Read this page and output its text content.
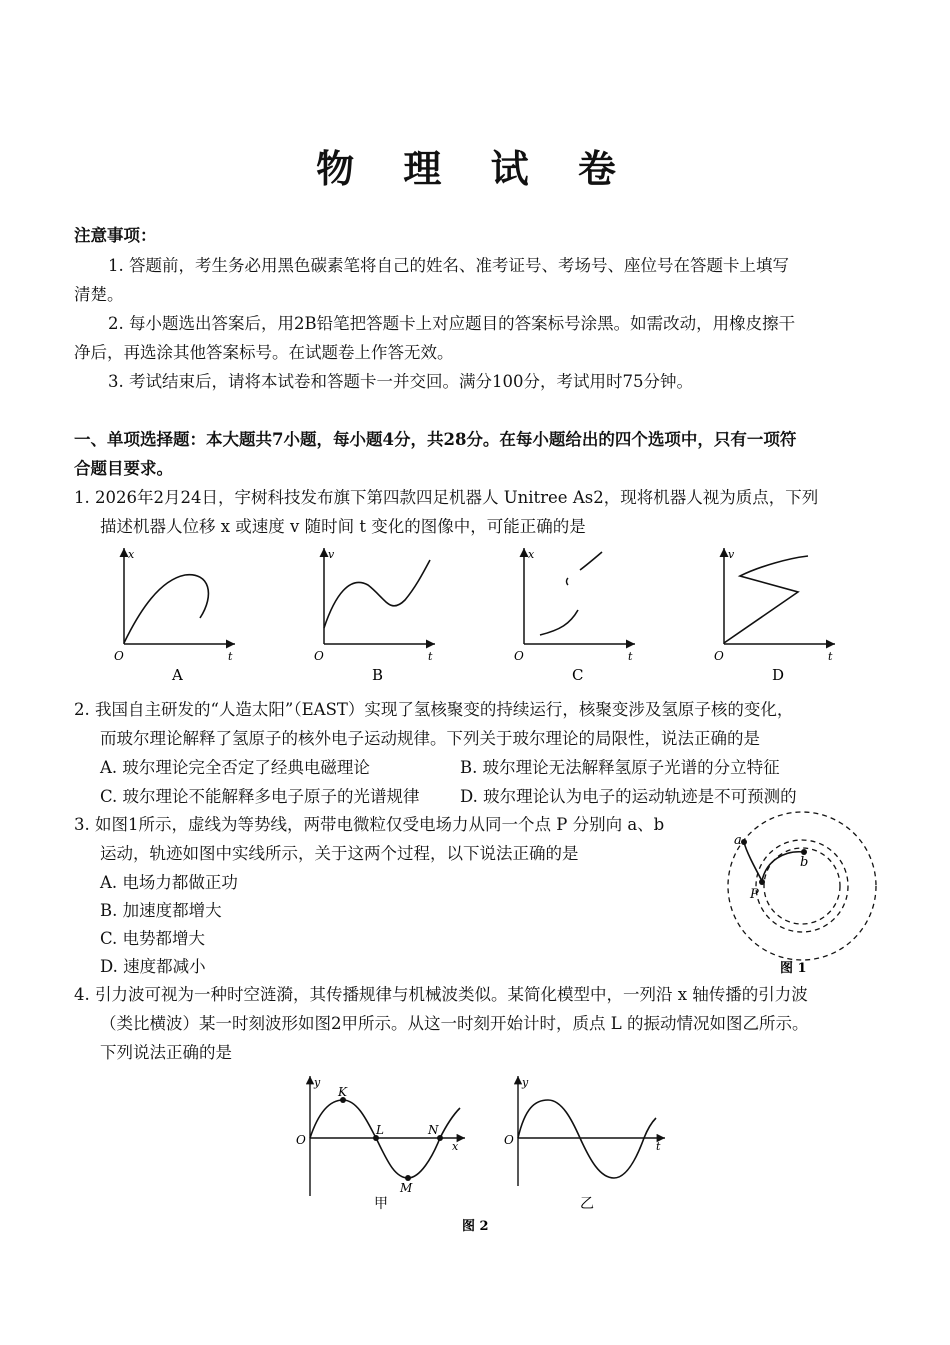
物 理 试 卷
注意事项：
1. 答题前，考生务必用黑色碳素笔将自己的姓名、准考证号、考场号、座位号在答题卡上填写
清楚。
2. 每小题选出答案后，用2B铅笔把答题卡上对应题目的答案标号涂黑。如需改动，用橡皮擦干
净后，再选涂其他答案标号。在试题卷上作答无效。
3. 考试结束后，请将本试卷和答题卡一并交回。满分100分，考试用时75分钟。
一、单项选择题：本大题共7小题，每小题4分，共28分。在每小题给出的四个选项中，只有一项符
合题目要求。
1. 2026年2月24日，宇树科技发布旗下第四款四足机器人 Unitree As2，现将机器人视为质点，下列
描述机器人位移 x 或速度 v 随时间 t 变化的图像中，可能正确的是
x
t
O
A
v
t
O
B
x
t
O
C
v
t
O
D
2. 我国自主研发的“人造太阳”（EAST）实现了氢核聚变的持续运行，核聚变涉及氢原子核的变化，
而玻尔理论解释了氢原子的核外电子运动规律。下列关于玻尔理论的局限性，说法正确的是
A. 玻尔理论完全否定了经典电磁理论	B. 玻尔理论无法解释氢原子光谱的分立特征
C. 玻尔理论不能解释多电子原子的光谱规律 D. 玻尔理论认为电子的运动轨迹是不可预测的
3. 如图1所示，虚线为等势线，两带电微粒仅受电场力从同一个点 P 分别向 a、b
运动，轨迹如图中实线所示，关于这两个过程，以下说法正确的是
A. 电场力都做正功
B. 加速度都增大
C. 电势都增大
D. 速度都减小
a
b
P
图 1
4. 引力波可视为一种时空涟漪，其传播规律与机械波类似。某简化模型中，一列沿 x 轴传播的引力波
（类比横波）某一时刻波形如图2甲所示。从这一时刻开始计时，质点 L 的振动情况如图乙所示。
下列说法正确的是
y
x
O
K
L
M
N
甲
y
t
O
乙
图 2
